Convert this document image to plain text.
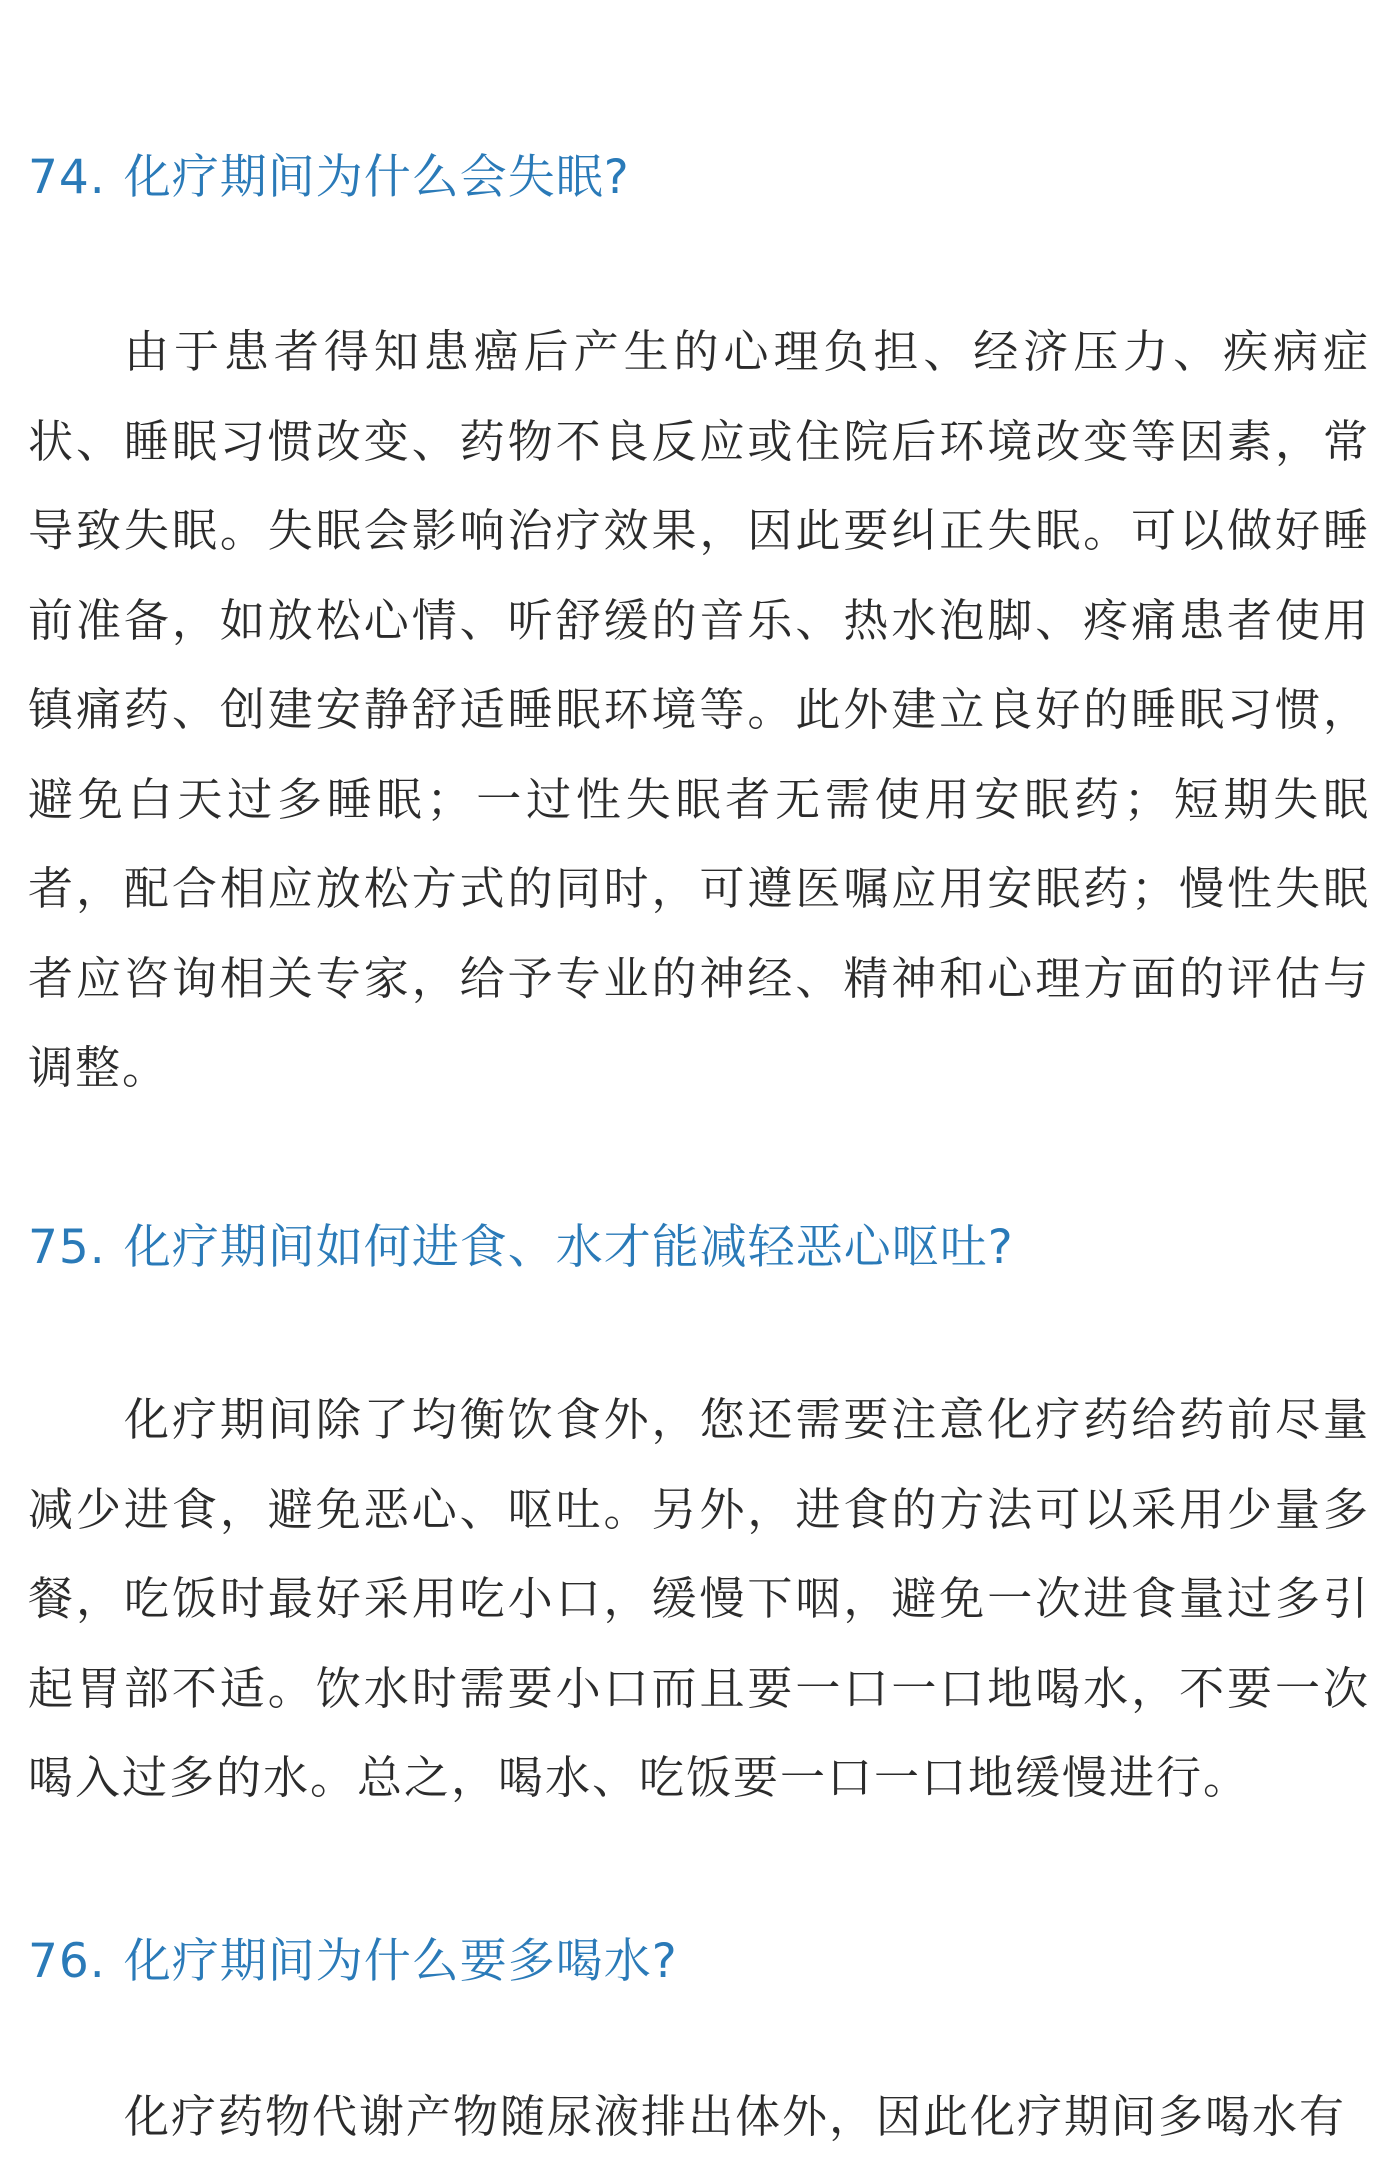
74. 化疗期间为什么会失眠?

由于患者得知患癌后产生的心理负担、经济压力、疾病症状、睡眠习惯改变、药物不良反应或住院后环境改变等因素，常导致失眠。失眠会影响治疗效果，因此要纠正失眠。可以做好睡前准备，如放松心情、听舒缓的音乐、热水泡脚、疼痛患者使用镇痛药、创建安静舒适睡眠环境等。此外建立良好的睡眠习惯，避免白天过多睡眠；一过性失眠者无需使用安眠药；短期失眠者，配合相应放松方式的同时，可遵医嘱应用安眠药；慢性失眠者应咨询相关专家，给予专业的神经、精神和心理方面的评估与调整。

75. 化疗期间如何进食、水才能减轻恶心呕吐?

化疗期间除了均衡饮食外，您还需要注意化疗药给药前尽量减少进食，避免恶心、呕吐。另外，进食的方法可以采用少量多餐，吃饭时最好采用吃小口，缓慢下咽，避免一次进食量过多引起胃部不适。饮水时需要小口而且要一口一口地喝水，不要一次喝入过多的水。总之，喝水、吃饭要一口一口地缓慢进行。

76. 化疗期间为什么要多喝水?

化疗药物代谢产物随尿液排出体外，因此化疗期间多喝水有
